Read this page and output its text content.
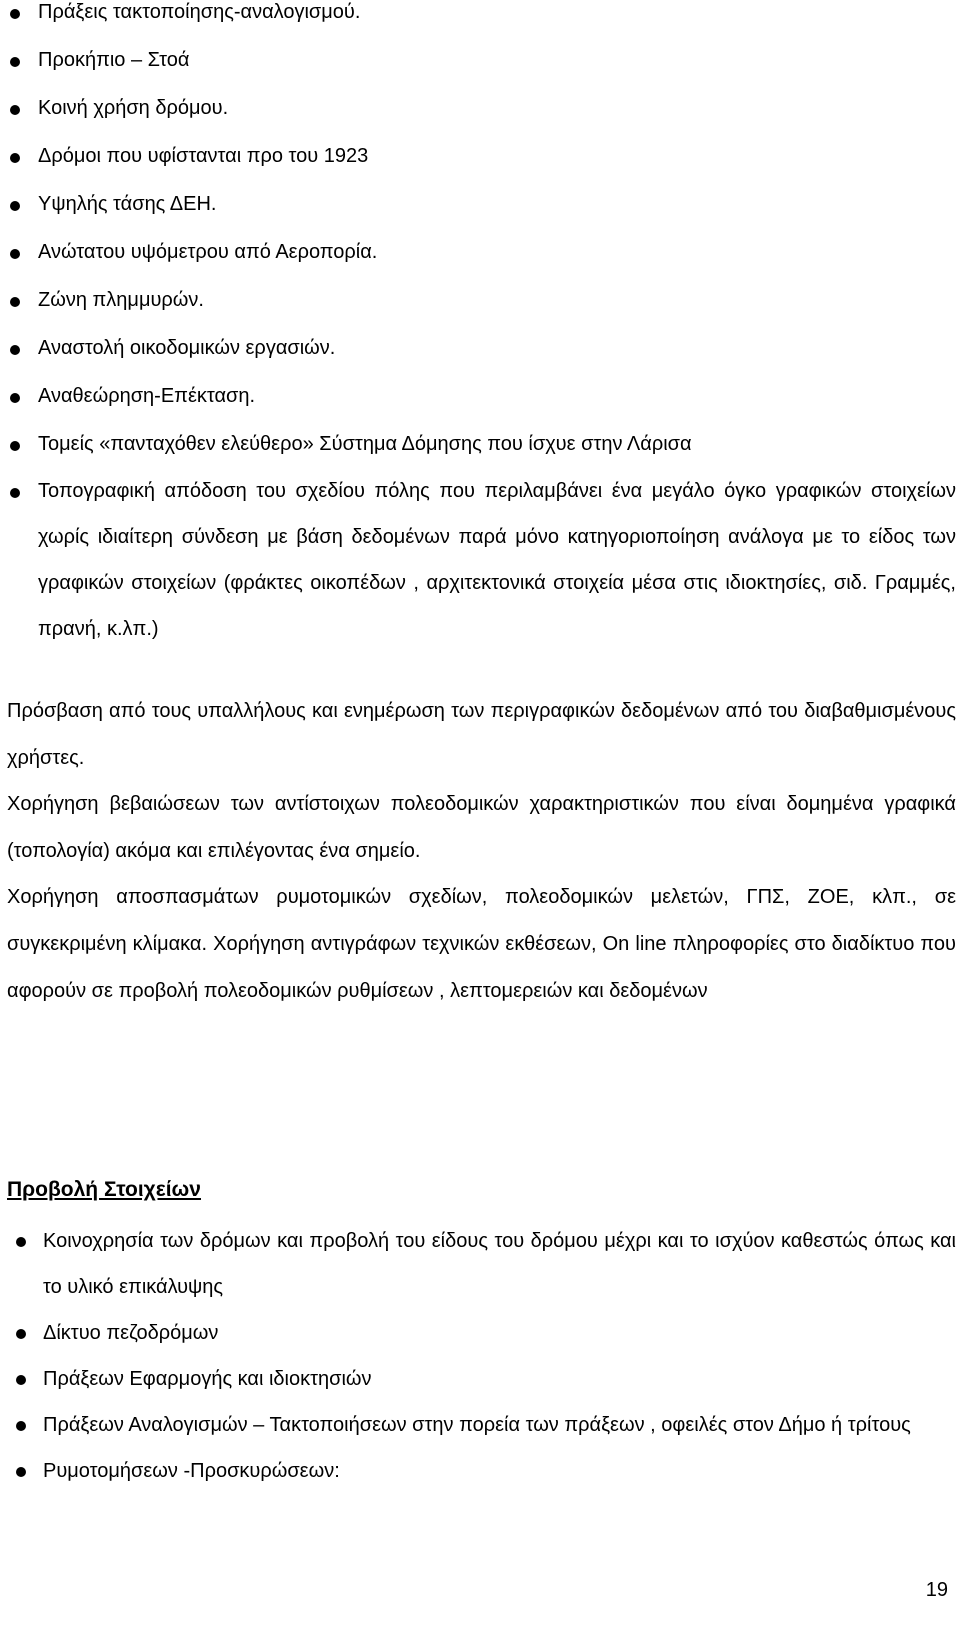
Πράξεις τακτοποίησης-αναλογισμού.
Προκήπιο – Στοά
Κοινή χρήση δρόμου.
Δρόμοι που υφίστανται προ του 1923
Υψηλής τάσης ΔΕΗ.
Ανώτατου υψόμετρου από Αεροπορία.
Ζώνη πλημμυρών.
Αναστολή οικοδομικών εργασιών.
Αναθεώρηση-Επέκταση.
Τομείς «πανταχόθεν ελεύθερο» Σύστημα Δόμησης που ίσχυε στην Λάρισα
Τοπογραφική απόδοση του σχεδίου πόλης που περιλαμβάνει ένα μεγάλο όγκο γραφικών στοιχείων χωρίς ιδιαίτερη σύνδεση με βάση δεδομένων παρά μόνο κατηγοριοποίηση ανάλογα με το είδος των γραφικών στοιχείων (φράκτες οικοπέδων , αρχιτεκτονικά στοιχεία μέσα στις ιδιοκτησίες, σιδ. Γραμμές, πρανή, κ.λπ.)

Πρόσβαση από τους υπαλλήλους και ενημέρωση των περιγραφικών δεδομένων από του διαβαθμισμένους χρήστες.

Χορήγηση βεβαιώσεων των αντίστοιχων πολεοδομικών χαρακτηριστικών που είναι δομημένα γραφικά (τοπολογία) ακόμα και επιλέγοντας ένα σημείο.

Χορήγηση αποσπασμάτων ρυμοτομικών σχεδίων, πολεοδομικών μελετών, ΓΠΣ, ΖΟΕ, κλπ., σε συγκεκριμένη κλίμακα. Χορήγηση αντιγράφων τεχνικών εκθέσεων, On line πληροφορίες στο διαδίκτυο που αφορούν σε προβολή πολεοδομικών ρυθμίσεων , λεπτομερειών και δεδομένων

Προβολή Στοιχείων
Κοινοχρησία των δρόμων και προβολή του είδους του δρόμου μέχρι και το ισχύον καθεστώς όπως και το υλικό επικάλυψης
Δίκτυο πεζοδρόμων
Πράξεων Εφαρμογής και ιδιοκτησιών
Πράξεων Αναλογισμών – Τακτοποιήσεων στην πορεία των πράξεων , οφειλές στον Δήμο ή τρίτους
Ρυμοτομήσεων -Προσκυρώσεων:

19
